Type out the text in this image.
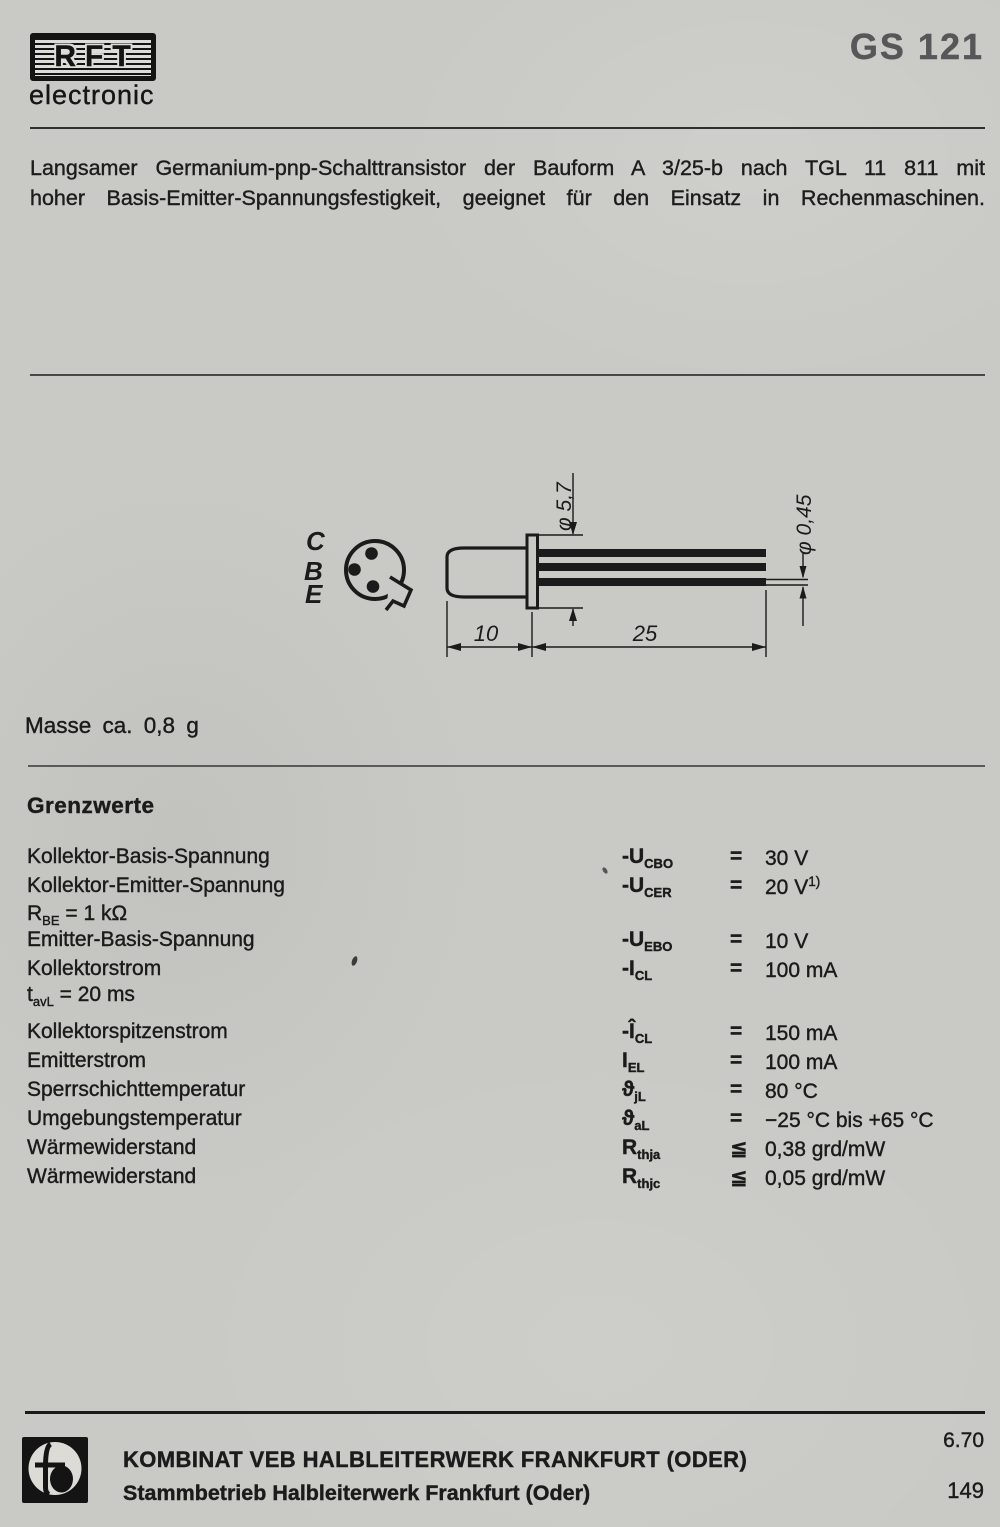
RFT
electronic
GS 121
Langsamer Germanium-pnp-Schalttransistor der Bauform A 3/25-b nach TGL 11 811 mit
hoher Basis-Emitter-Spannungsfestigkeit, geeignet für den Einsatz in Rechenmaschinen.
C
B
E
φ 5,7	φ 0,45
10	25
Masse ca. 0,8 g
Grenzwerte
Kollektor-Basis-Spannung	$-U_{CBO}$	= 30 V
Kollektor-Emitter-Spannung	$-U_{CER}$	= 20 $V^{1)}$
$R_{BE} = 1$ kΩ
Emitter-Basis-Spannung	$-U_{EBO}$	= 10 V
Kollektorstrom	$-I_{CL}$	= 100 mA
$t_{avL} = 20$ ms
Kollektorspitzenstrom	$-Î_{CL}$	= 150 mA
Emitterstrom	$I_{EL}$	= 100 mA
Sperrschichttemperatur	$ϑ_{jL}$	= 80 °C
Umgebungstemperatur	$ϑ_{aL}$	= −25 °C bis +65 °C
Wärmewiderstand	$R_{thja}$	≦ 0,38 grd/mW
Wärmewiderstand	$R_{thjc}$	≦ 0,05 grd/mW
KOMBINAT VEB HALBLEITERWERK FRANKFURT (ODER)
Stammbetrieb Halbleiterwerk Frankfurt (Oder)
6.70
149
